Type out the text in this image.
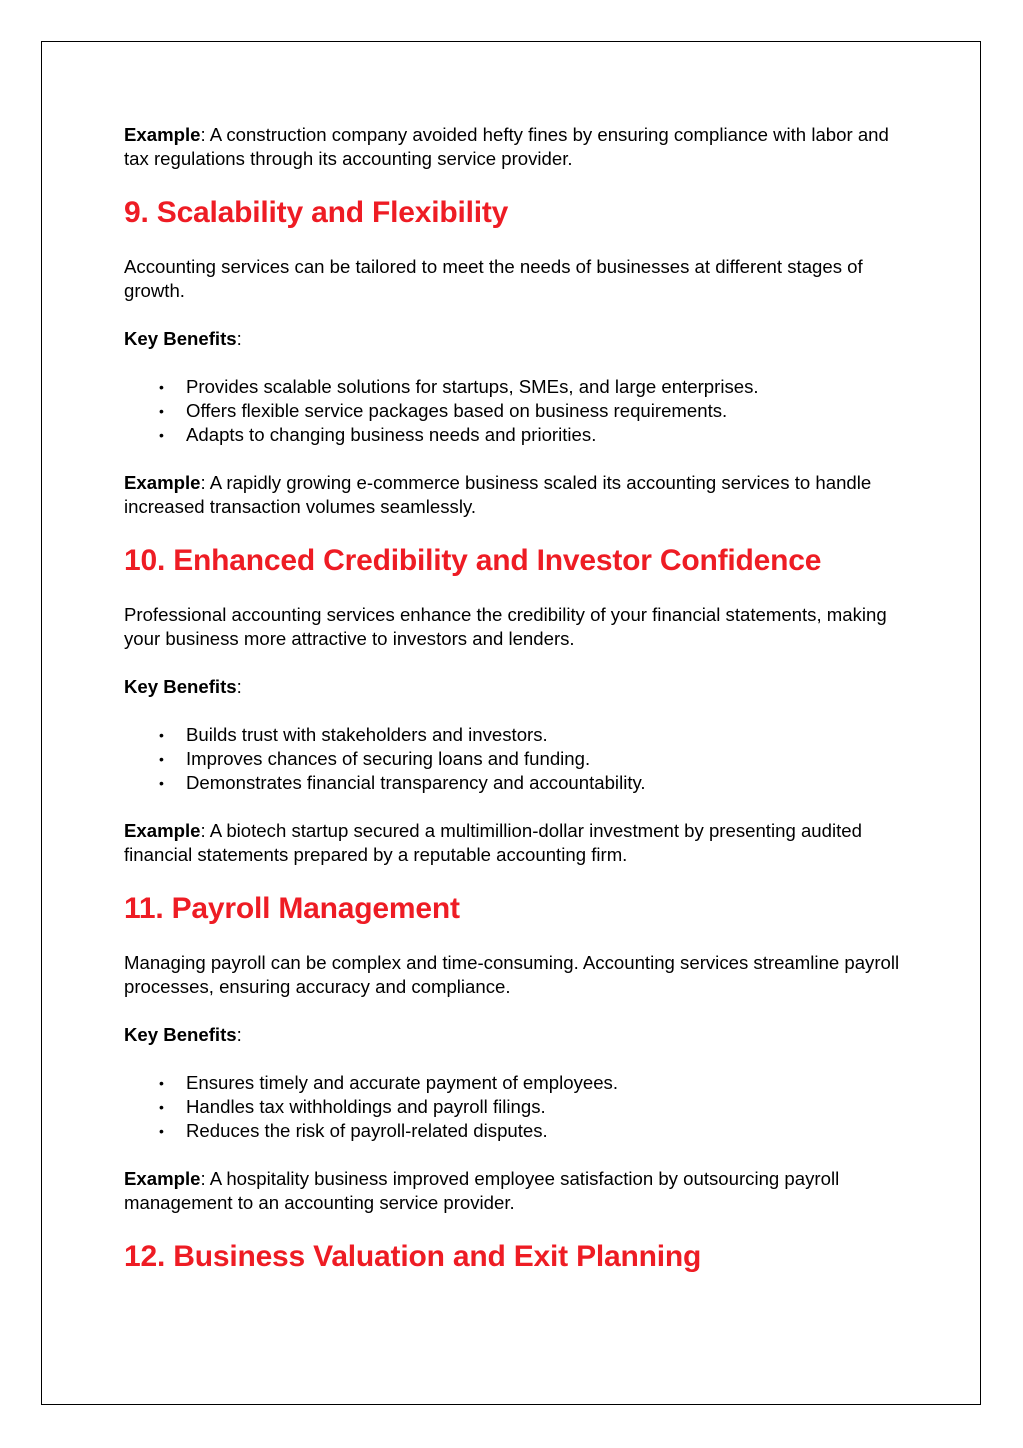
Example: A construction company avoided hefty fines by ensuring compliance with labor and tax regulations through its accounting service provider.

9. Scalability and Flexibility

Accounting services can be tailored to meet the needs of businesses at different stages of growth.

Key Benefits:

• Provides scalable solutions for startups, SMEs, and large enterprises.
• Offers flexible service packages based on business requirements.
• Adapts to changing business needs and priorities.

Example: A rapidly growing e-commerce business scaled its accounting services to handle increased transaction volumes seamlessly.

10. Enhanced Credibility and Investor Confidence

Professional accounting services enhance the credibility of your financial statements, making your business more attractive to investors and lenders.

Key Benefits:

• Builds trust with stakeholders and investors.
• Improves chances of securing loans and funding.
• Demonstrates financial transparency and accountability.

Example: A biotech startup secured a multimillion-dollar investment by presenting audited financial statements prepared by a reputable accounting firm.

11. Payroll Management

Managing payroll can be complex and time-consuming. Accounting services streamline payroll processes, ensuring accuracy and compliance.

Key Benefits:

• Ensures timely and accurate payment of employees.
• Handles tax withholdings and payroll filings.
• Reduces the risk of payroll-related disputes.

Example: A hospitality business improved employee satisfaction by outsourcing payroll management to an accounting service provider.

12. Business Valuation and Exit Planning
